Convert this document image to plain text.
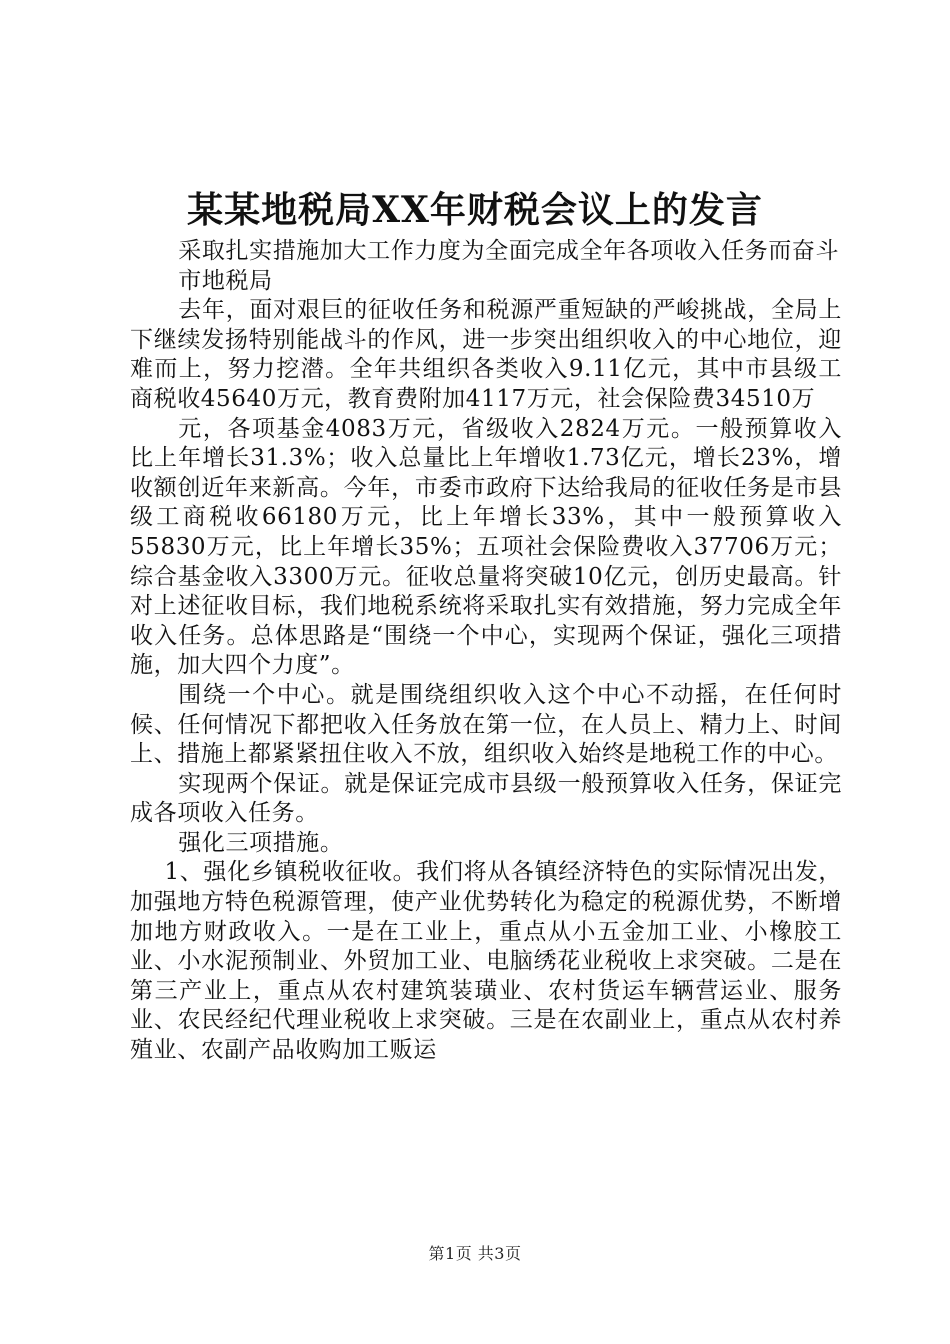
某某地税局XX年财税会议上的发言

采取扎实措施加大工作力度为全面完成全年各项收入任务而奋斗

市地税局

去年，面对艰巨的征收任务和税源严重短缺的严峻挑战，全局上下继续发扬特别能战斗的作风，进一步突出组织收入的中心地位，迎难而上，努力挖潜。全年共组织各类收入9.11亿元，其中市县级工商税收45640万元，教育费附加4117万元，社会保险费34510万

元，各项基金4083万元，省级收入2824万元。一般预算收入比上年增长31.3%；收入总量比上年增收1.73亿元，增长23%，增收额创近年来新高。今年，市委市政府下达给我局的征收任务是市县级工商税收66180万元，比上年增长33%，其中一般预算收入55830万元，比上年增长35%；五项社会保险费收入37706万元；综合基金收入3300万元。征收总量将突破10亿元，创历史最高。针对上述征收目标，我们地税系统将采取扎实有效措施，努力完成全年收入任务。总体思路是“围绕一个中心，实现两个保证，强化三项措施，加大四个力度”。

围绕一个中心。就是围绕组织收入这个中心不动摇，在任何时候、任何情况下都把收入任务放在第一位，在人员上、精力上、时间上、措施上都紧紧扭住收入不放，组织收入始终是地税工作的中心。

实现两个保证。就是保证完成市县级一般预算收入任务，保证完成各项收入任务。

强化三项措施。

1、强化乡镇税收征收。我们将从各镇经济特色的实际情况出发，加强地方特色税源管理，使产业优势转化为稳定的税源优势，不断增加地方财政收入。一是在工业上，重点从小五金加工业、小橡胶工业、小水泥预制业、外贸加工业、电脑绣花业税收上求突破。二是在第三产业上，重点从农村建筑装璜业、农村货运车辆营运业、服务业、农民经纪代理业税收上求突破。三是在农副业上，重点从农村养殖业、农副产品收购加工贩运

第1页 共3页
